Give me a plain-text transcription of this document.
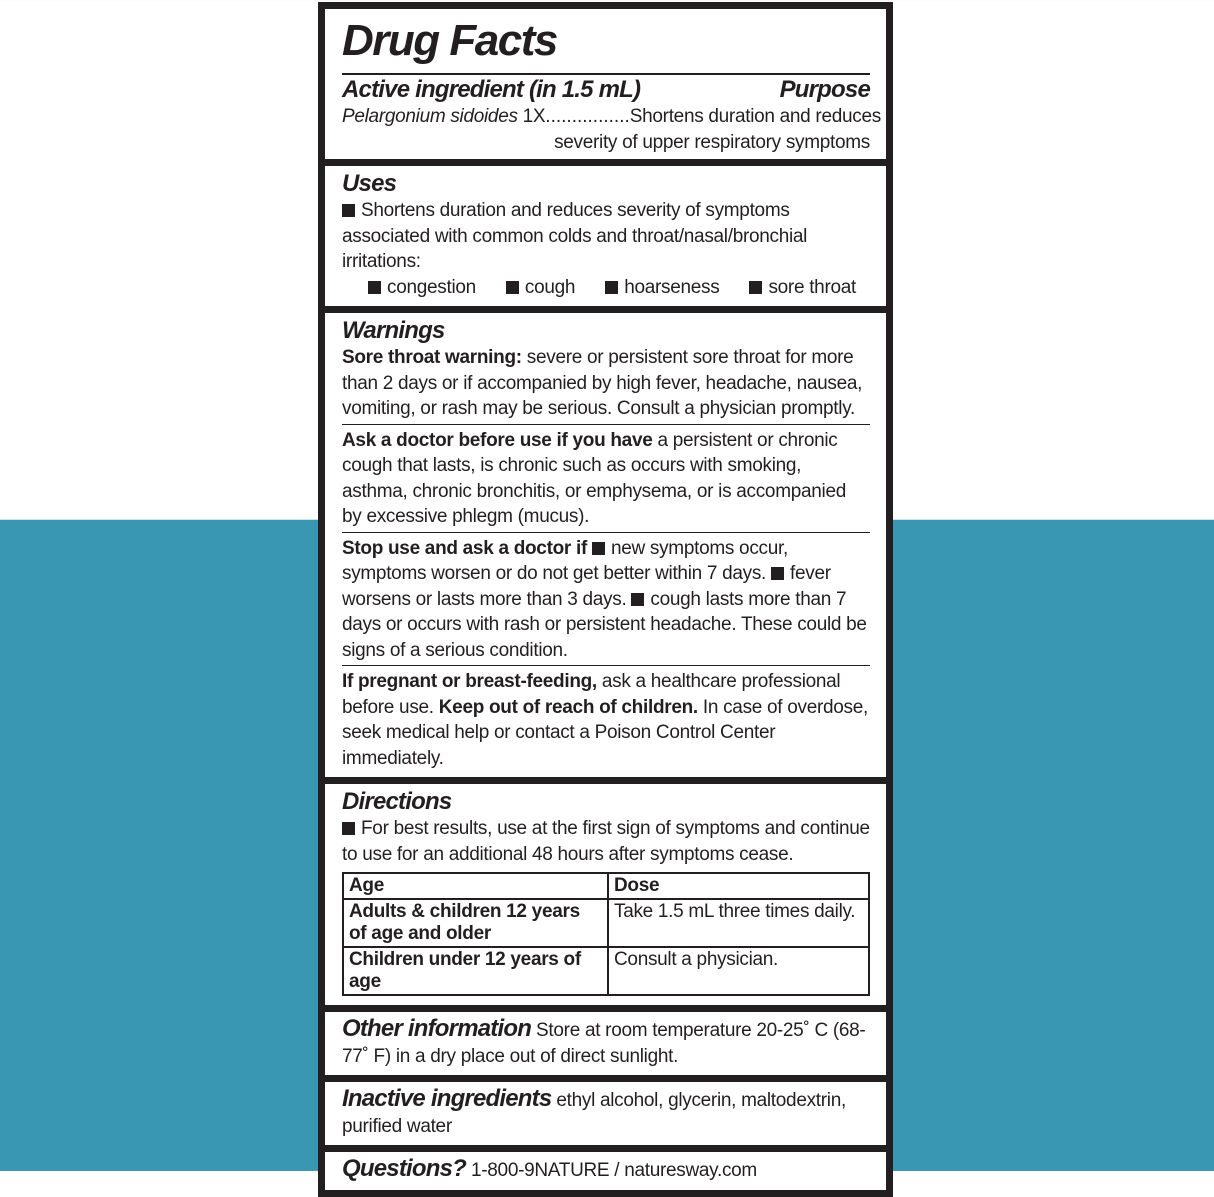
Drug Facts
Active ingredient (in 1.5 mL)	Purpose
Pelargonium sidoides 1X................Shortens duration and reduces
severity of upper respiratory symptoms
Uses
Shortens duration and reduces severity of symptoms associated with common colds and throat/nasal/bronchial irritations:
congestion	cough	hoarseness	sore throat
Warnings
Sore throat warning: severe or persistent sore throat for more than 2 days or if accompanied by high fever, headache, nausea, vomiting, or rash may be serious. Consult a physician promptly.
Ask a doctor before use if you have a persistent or chronic cough that lasts, is chronic such as occurs with smoking, asthma, chronic bronchitis, or emphysema, or is accompanied by excessive phlegm (mucus).
Stop use and ask a doctor if new symptoms occur, symptoms worsen or do not get better within 7 days. fever worsens or lasts more than 3 days. cough lasts more than 7 days or occurs with rash or persistent headache. These could be signs of a serious condition.
If pregnant or breast-feeding, ask a healthcare professional before use. Keep out of reach of children. In case of overdose, seek medical help or contact a Poison Control Center immediately.
Directions
For best results, use at the first sign of symptoms and continue to use for an additional 48 hours after symptoms cease.
Age	Dose
Adults & children 12 years of age and older	Take 1.5 mL three times daily.
Children under 12 years of age	Consult a physician.
Other information Store at room temperature 20-25˚ C (68-77˚ F) in a dry place out of direct sunlight.
Inactive ingredients ethyl alcohol, glycerin, maltodextrin, purified water
Questions? 1-800-9NATURE / naturesway.com
